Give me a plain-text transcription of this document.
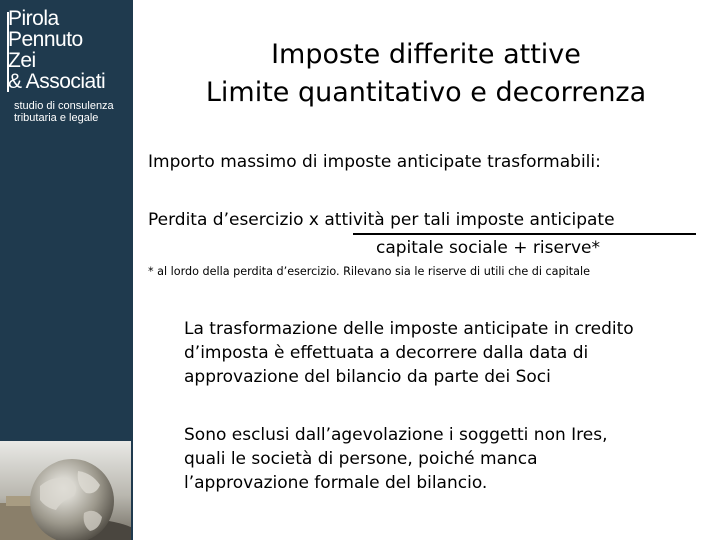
Pirola
Pennuto
Zei
& Associati
studio di consulenza
tributaria e legale
Imposte differite attive
Limite quantitativo e decorrenza
Importo massimo di imposte anticipate trasformabili:
Perdita d’esercizio x attività per tali imposte anticipate
capitale sociale + riserve*
* al lordo della perdita d’esercizio. Rilevano sia le riserve di utili che di capitale
La trasformazione delle imposte anticipate in credito
d’imposta è effettuata a decorrere dalla data di
approvazione del bilancio da parte dei Soci
Sono esclusi dall’agevolazione i soggetti non Ires,
quali le società di persone, poiché manca
l’approvazione formale del bilancio.
